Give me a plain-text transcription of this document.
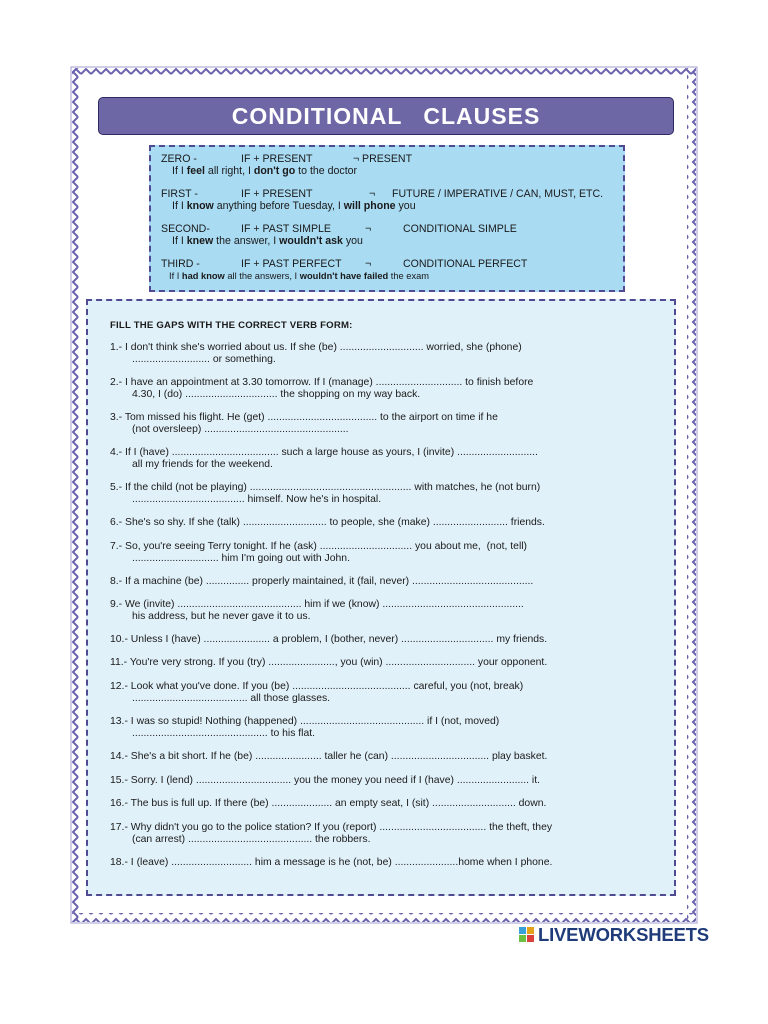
CONDITIONAL CLAUSES
ZERO -	IF + PRESENT	¬ PRESENT
If I feel all right, I don't go to the doctor
FIRST -	IF + PRESENT	¬ FUTURE / IMPERATIVE / CAN, MUST, ETC.
If I know anything before Tuesday, I will phone you
SECOND-	IF + PAST SIMPLE	¬	CONDITIONAL SIMPLE
If I knew the answer, I wouldn't ask you
THIRD -	IF + PAST PERFECT ¬	CONDITIONAL PERFECT
If I had know all the answers, I wouldn't have failed the exam
FILL THE GAPS WITH THE CORRECT VERB FORM:
1.- I don't think she's worried about us. If she (be) ............................. worried, she (phone)
........................... or something.
2.- I have an appointment at 3.30 tomorrow. If I (manage) .............................. to finish before
4.30, I (do) ................................ the shopping on my way back.
3.- Tom missed his flight. He (get) ...................................... to the airport on time if he
(not oversleep) ..................................................
4.- If I (have) ..................................... such a large house as yours, I (invite) ............................
all my friends for the weekend.
5.- If the child (not be playing) ........................................................ with matches, he (not burn)
....................................... himself. Now he's in hospital.
6.- She's so shy. If she (talk) ............................. to people, she (make) .......................... friends.
7.- So, you're seeing Terry tonight. If he (ask) ................................ you about me,  (not, tell)
.............................. him I'm going out with John.
8.- If a machine (be) ............... properly maintained, it (fail, never) ..........................................
9.- We (invite) ........................................... him if we (know) .................................................
his address, but he never gave it to us.
10.- Unless I (have) ....................... a problem, I (bother, never) ................................ my friends.
11.- You're very strong. If you (try) ......................., you (win) ............................... your opponent.
12.- Look what you've done. If you (be) ......................................... careful, you (not, break)
........................................ all those glasses.
13.- I was so stupid! Nothing (happened) ........................................... if I (not, moved)
............................................... to his flat.
14.- She's a bit short. If he (be) ....................... taller he (can) .................................. play basket.
15.- Sorry. I (lend) ................................. you the money you need if I (have) ......................... it.
16.- The bus is full up. If there (be) ..................... an empty seat, I (sit) ............................. down.
17.- Why didn't you go to the police station? If you (report) ..................................... the theft, they
(can arrest) ........................................... the robbers.
18.- I (leave) ............................ him a message is he (not, be) ......................home when I phone.
LIVEWORKSHEETS
